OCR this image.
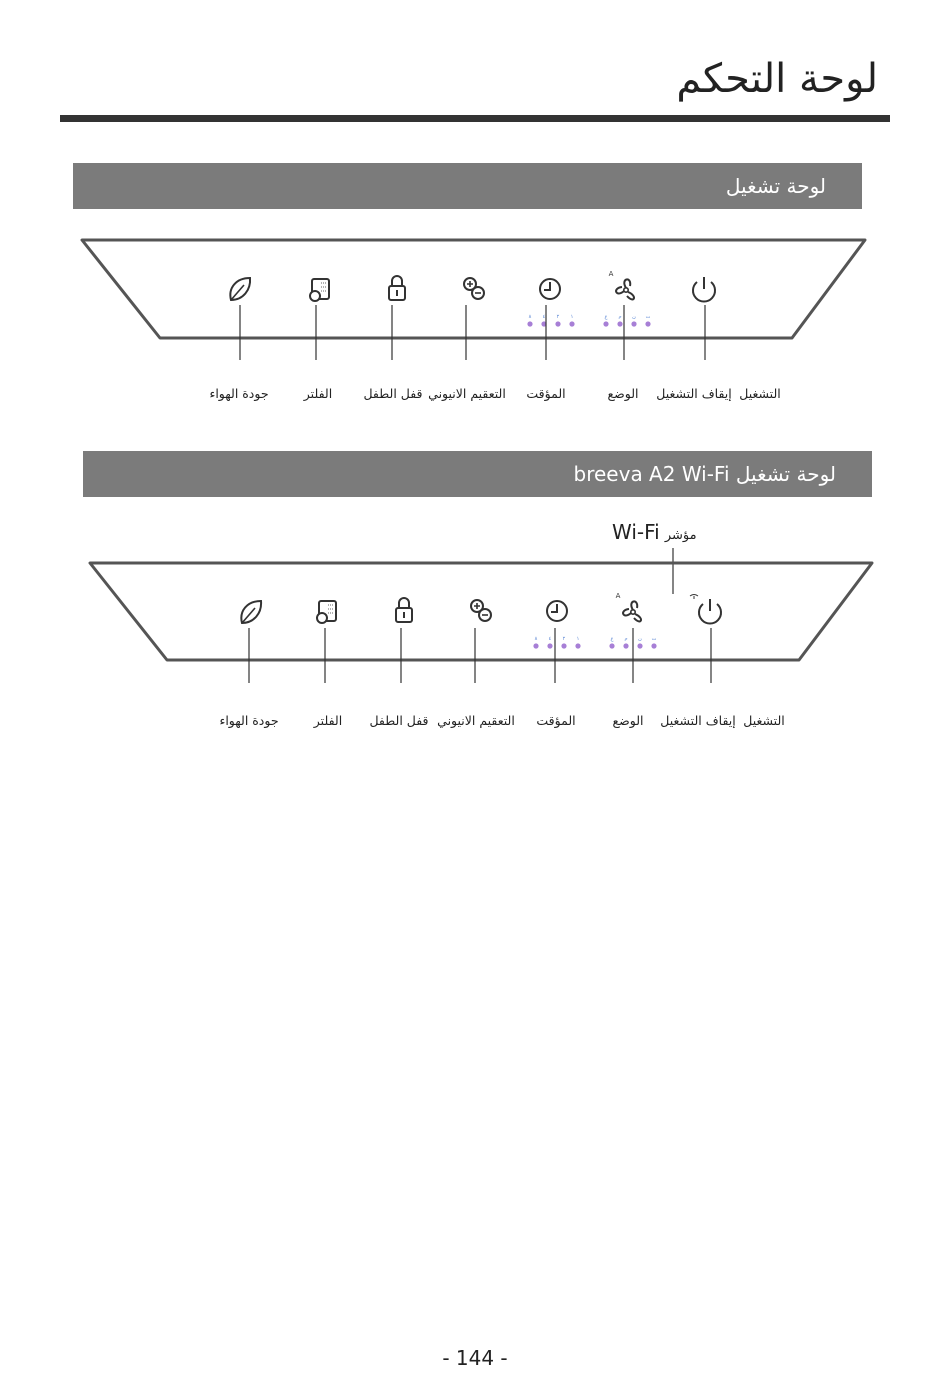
لوحة التحكم
لوحة تشغيل
A
٨ ٤ ٢ ١	ع م ن ت
جودة الهواء	الفلتر	قفل الطفل التعقيم الانيوني المؤقت	الوضع إيقاف التشغيل التشغيل
لوحة تشغيل breeva A2 Wi-Fi
Wi-Fi مؤشر
A
٨ ٤ ٢ ١	ع م ن ت
جودة الهواء	الفلتر قفل الطفل التعقيم الانيوني المؤقت	الوضع إيقاف التشغيل التشغيل
- 144 -
